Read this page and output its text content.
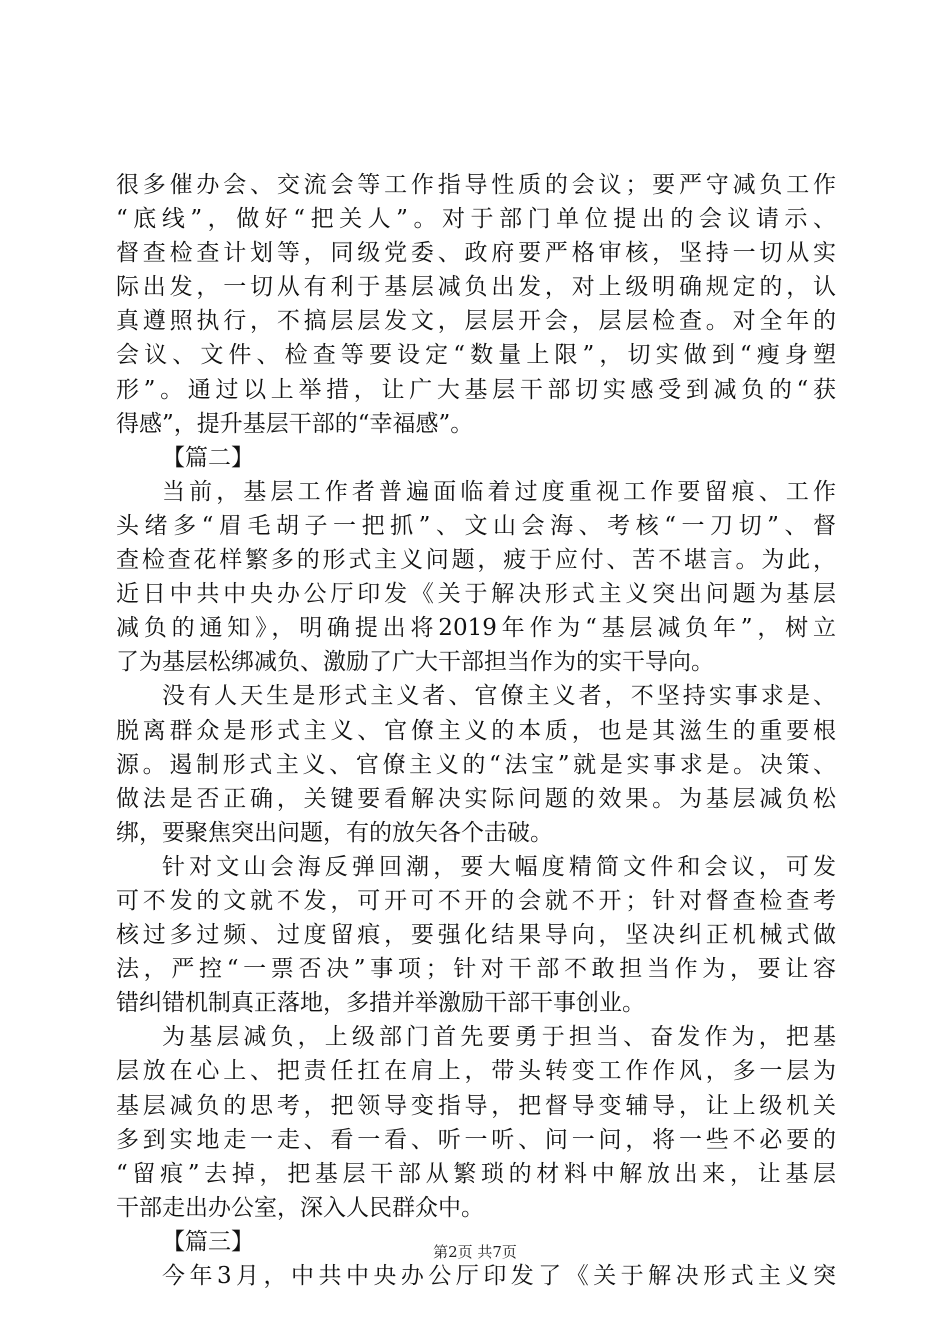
很多催办会、交流会等工作指导性质的会议；要严守减负工作
“底线”，做好“把关人”。对于部门单位提出的会议请示、
督查检查计划等，同级党委、政府要严格审核，坚持一切从实
际出发，一切从有利于基层减负出发，对上级明确规定的，认
真遵照执行，不搞层层发文，层层开会，层层检查。对全年的
会议、文件、检查等要设定“数量上限”，切实做到“瘦身塑
形”。通过以上举措，让广大基层干部切实感受到减负的“获
得感”，提升基层干部的“幸福感”。
【篇二】
当前，基层工作者普遍面临着过度重视工作要留痕、工作
头绪多“眉毛胡子一把抓”、文山会海、考核“一刀切”、督
查检查花样繁多的形式主义问题，疲于应付、苦不堪言。为此，
近日中共中央办公厅印发《关于解决形式主义突出问题为基层
减负的通知》，明确提出将2019年作为“基层减负年”，树立
了为基层松绑减负、激励了广大干部担当作为的实干导向。
没有人天生是形式主义者、官僚主义者，不坚持实事求是、
脱离群众是形式主义、官僚主义的本质，也是其滋生的重要根
源。遏制形式主义、官僚主义的“法宝”就是实事求是。决策、
做法是否正确，关键要看解决实际问题的效果。为基层减负松
绑，要聚焦突出问题，有的放矢各个击破。
针对文山会海反弹回潮，要大幅度精简文件和会议，可发
可不发的文就不发，可开可不开的会就不开；针对督查检查考
核过多过频、过度留痕，要强化结果导向，坚决纠正机械式做
法，严控“一票否决”事项；针对干部不敢担当作为，要让容
错纠错机制真正落地，多措并举激励干部干事创业。
为基层减负，上级部门首先要勇于担当、奋发作为，把基
层放在心上、把责任扛在肩上，带头转变工作作风，多一层为
基层减负的思考，把领导变指导，把督导变辅导，让上级机关
多到实地走一走、看一看、听一听、问一问，将一些不必要的
“留痕”去掉，把基层干部从繁琐的材料中解放出来，让基层
干部走出办公室，深入人民群众中。
【篇三】
今年3月，中共中央办公厅印发了《关于解决形式主义突
第2页 共7页
